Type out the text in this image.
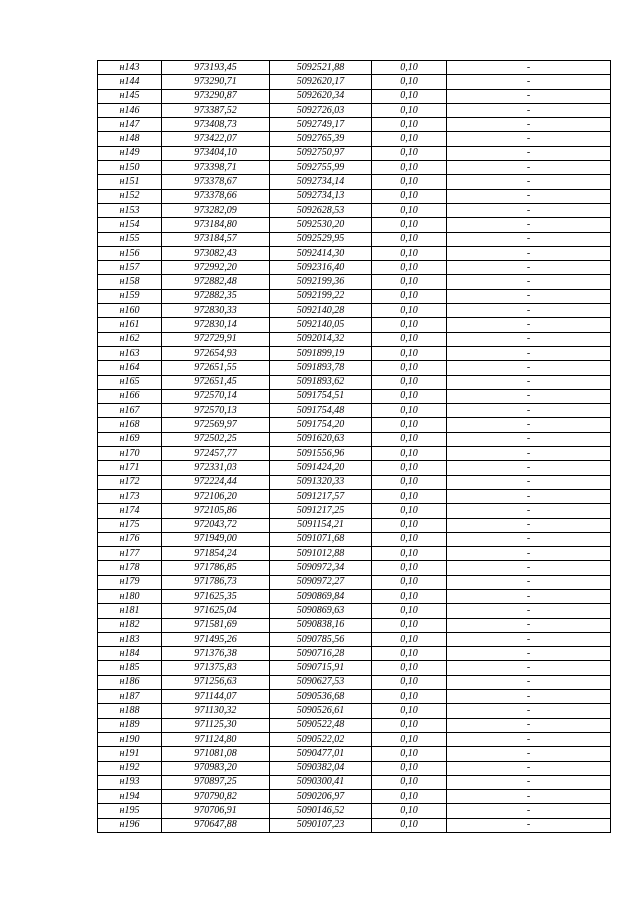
н143	973193,45	5092521,88	0,10	-
н144	973290,71	5092620,17	0,10	-
н145	973290,87	5092620,34	0,10	-
н146	973387,52	5092726,03	0,10	-
н147	973408,73	5092749,17	0,10	-
н148	973422,07	5092765,39	0,10	-
н149	973404,10	5092750,97	0,10	-
н150	973398,71	5092755,99	0,10	-
н151	973378,67	5092734,14	0,10	-
н152	973378,66	5092734,13	0,10	-
н153	973282,09	5092628,53	0,10	-
н154	973184,80	5092530,20	0,10	-
н155	973184,57	5092529,95	0,10	-
н156	973082,43	5092414,30	0,10	-
н157	972992,20	5092316,40	0,10	-
н158	972882,48	5092199,36	0,10	-
н159	972882,35	5092199,22	0,10	-
н160	972830,33	5092140,28	0,10	-
н161	972830,14	5092140,05	0,10	-
н162	972729,91	5092014,32	0,10	-
н163	972654,93	5091899,19	0,10	-
н164	972651,55	5091893,78	0,10	-
н165	972651,45	5091893,62	0,10	-
н166	972570,14	5091754,51	0,10	-
н167	972570,13	5091754,48	0,10	-
н168	972569,97	5091754,20	0,10	-
н169	972502,25	5091620,63	0,10	-
н170	972457,77	5091556,96	0,10	-
н171	972331,03	5091424,20	0,10	-
н172	972224,44	5091320,33	0,10	-
н173	972106,20	5091217,57	0,10	-
н174	972105,86	5091217,25	0,10	-
н175	972043,72	5091154,21	0,10	-
н176	971949,00	5091071,68	0,10	-
н177	971854,24	5091012,88	0,10	-
н178	971786,85	5090972,34	0,10	-
н179	971786,73	5090972,27	0,10	-
н180	971625,35	5090869,84	0,10	-
н181	971625,04	5090869,63	0,10	-
н182	971581,69	5090838,16	0,10	-
н183	971495,26	5090785,56	0,10	-
н184	971376,38	5090716,28	0,10	-
н185	971375,83	5090715,91	0,10	-
н186	971256,63	5090627,53	0,10	-
н187	971144,07	5090536,68	0,10	-
н188	971130,32	5090526,61	0,10	-
н189	971125,30	5090522,48	0,10	-
н190	971124,80	5090522,02	0,10	-
н191	971081,08	5090477,01	0,10	-
н192	970983,20	5090382,04	0,10	-
н193	970897,25	5090300,41	0,10	-
н194	970790,82	5090206,97	0,10	-
н195	970706,91	5090146,52	0,10	-
н196	970647,88	5090107,23	0,10	-
